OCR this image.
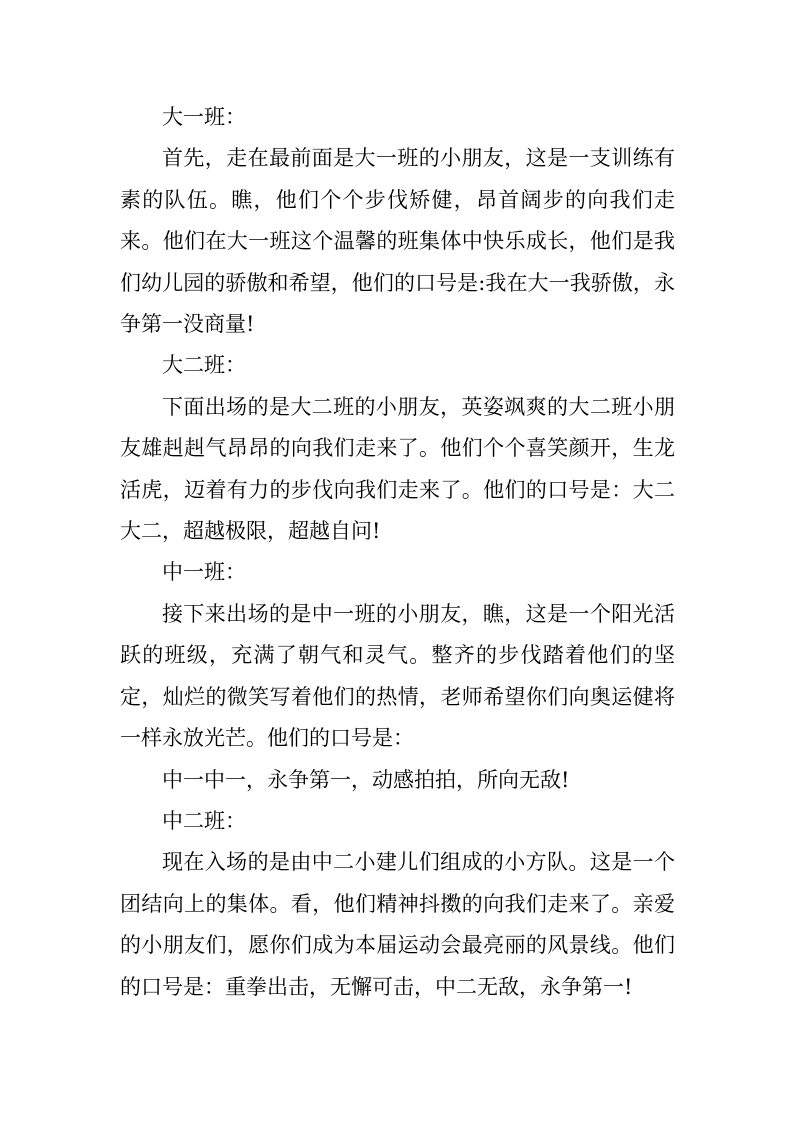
大一班：

首先，走在最前面是大一班的小朋友，这是一支训练有素的队伍。瞧，他们个个步伐矫健，昂首阔步的向我们走来。他们在大一班这个温馨的班集体中快乐成长，他们是我们幼儿园的骄傲和希望，他们的口号是:我在大一我骄傲，永争第一没商量!

大二班：

下面出场的是大二班的小朋友，英姿飒爽的大二班小朋友雄赳赳气昂昂的向我们走来了。他们个个喜笑颜开，生龙活虎，迈着有力的步伐向我们走来了。他们的口号是：大二大二，超越极限，超越自问!

中一班：

接下来出场的是中一班的小朋友，瞧，这是一个阳光活跃的班级，充满了朝气和灵气。整齐的步伐踏着他们的坚定，灿烂的微笑写着他们的热情，老师希望你们向奥运健将一样永放光芒。他们的口号是：

中一中一，永争第一，动感拍拍，所向无敌!

中二班：

现在入场的是由中二小建儿们组成的小方队。这是一个团结向上的集体。看，他们精神抖擞的向我们走来了。亲爱的小朋友们，愿你们成为本届运动会最亮丽的风景线。他们的口号是：重拳出击，无懈可击，中二无敌，永争第一!
